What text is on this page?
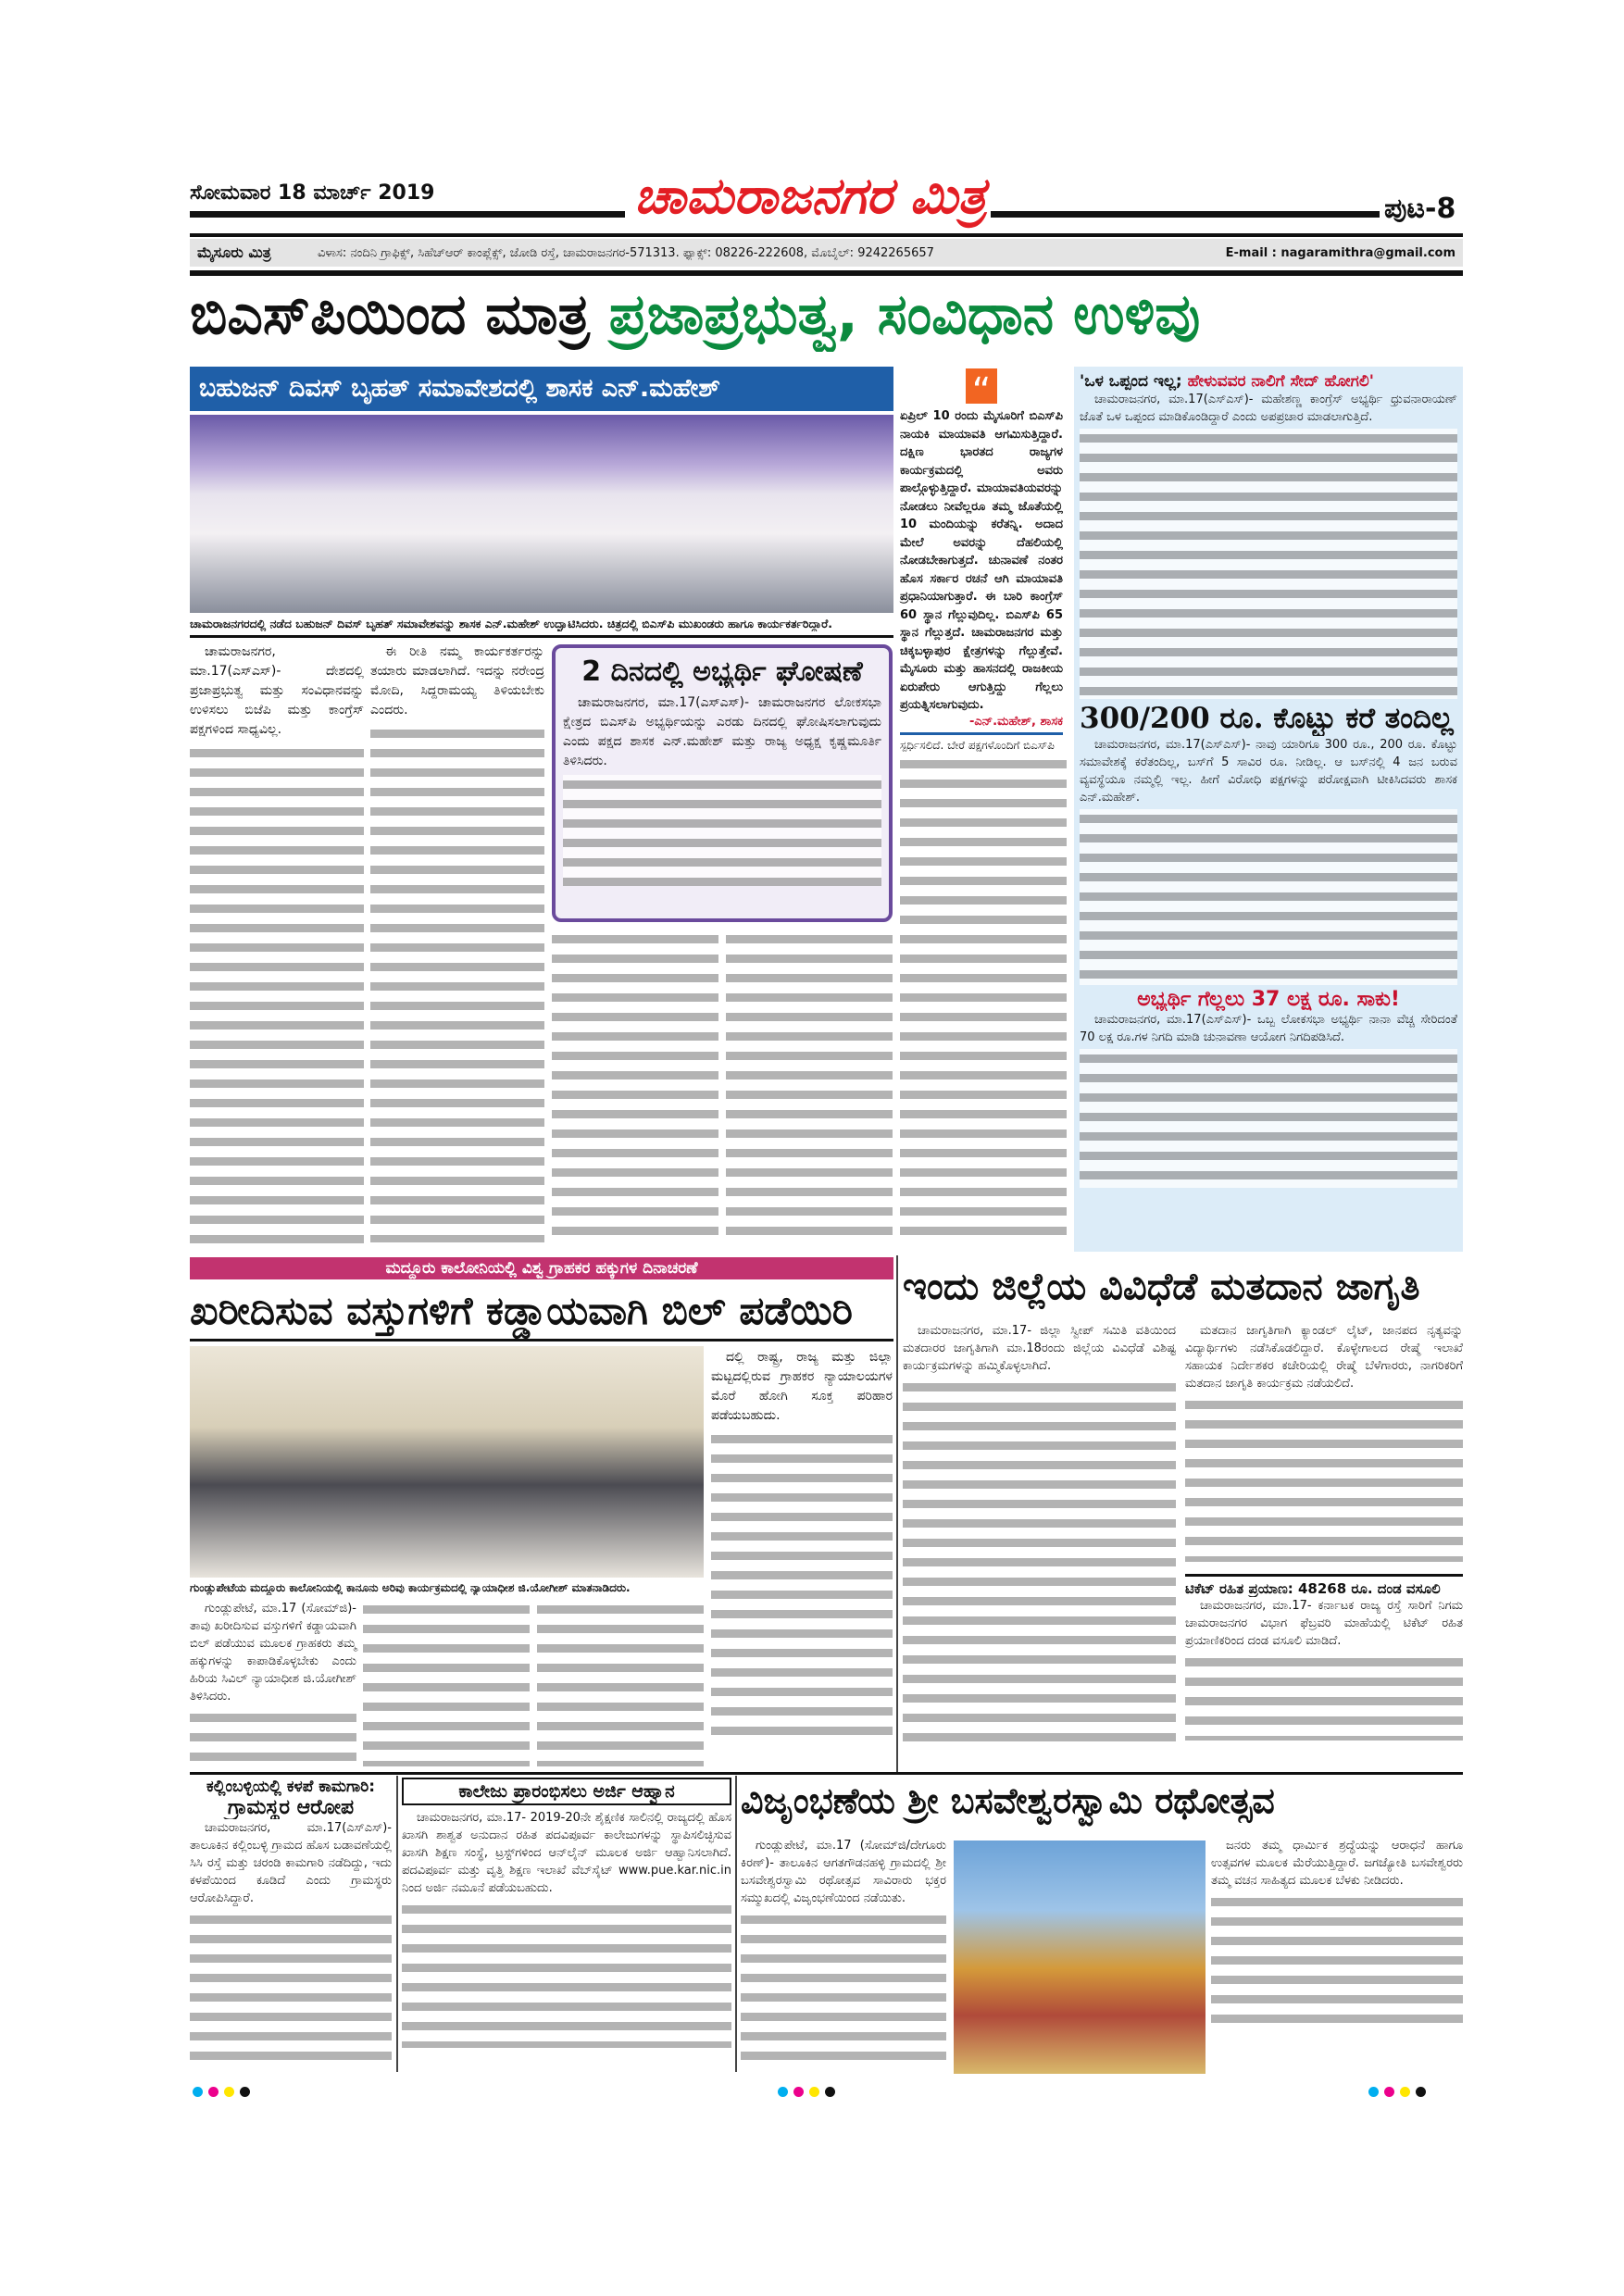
ಸೋಮವಾರ 18 ಮಾರ್ಚ್ 2019	ಚಾಮರಾಜನಗರ ಮಿತ್ರ	ಪುಟ-8
ಮೈಸೂರು ಮಿತ್ರ	ವಿಳಾಸ: ನಂದಿನಿ ಗ್ರಾಫಿಕ್ಸ್, ಸಿಹೆಚ್‌ಆರ್ ಕಾಂಪ್ಲೆಕ್ಸ್, ಜೋಡಿ ರಸ್ತೆ, ಚಾಮರಾಜನಗರ-571313. ಫ್ಯಾಕ್ಸ್: 08226-222608, ಮೊಬೈಲ್: 9242265657	E-mail : nagaramithra@gmail.com
ಬಿಎಸ್‌ಪಿಯಿಂದ ಮಾತ್ರ ಪ್ರಜಾಪ್ರಭುತ್ವ, ಸಂವಿಧಾನ ಉಳಿವು
ಬಹುಜನ್ ದಿವಸ್ ಬೃಹತ್ ಸಮಾವೇಶದಲ್ಲಿ ಶಾಸಕ ಎನ್.ಮಹೇಶ್
ಚಾಮರಾಜನಗರದಲ್ಲಿ ನಡೆದ ಬಹುಜನ್ ದಿವಸ್ ಬೃಹತ್ ಸಮಾವೇಶವನ್ನು ಶಾಸಕ ಎನ್.ಮಹೇಶ್ ಉದ್ಘಾಟಿಸಿದರು. ಚಿತ್ರದಲ್ಲಿ ಬಿಎಸ್‌ಪಿ ಮುಖಂಡರು ಹಾಗೂ ಕಾರ್ಯಕರ್ತರಿದ್ದಾರೆ.

ಚಾಮರಾಜನಗರ, ಮಾ.17(ಎಸ್‌ಎಸ್)- ದೇಶದಲ್ಲಿ ಪ್ರಜಾಪ್ರಭುತ್ವ ಮತ್ತು ಸಂವಿಧಾನವನ್ನು ಉಳಿಸಲು ಬಿಜೆಪಿ ಮತ್ತು ಕಾಂಗ್ರೆಸ್ ಪಕ್ಷಗಳಿಂದ ಸಾಧ್ಯವಿಲ್ಲ.

ಈ ರೀತಿ ನಮ್ಮ ಕಾರ್ಯಕರ್ತರನ್ನು ತಯಾರು ಮಾಡಲಾಗಿದೆ. ಇದನ್ನು ನರೇಂದ್ರ ಮೋದಿ, ಸಿದ್ದರಾಮಯ್ಯ ತಿಳಿಯಬೇಕು ಎಂದರು.

2 ದಿನದಲ್ಲಿ ಅಭ್ಯರ್ಥಿ ಘೋಷಣೆ

ಚಾಮರಾಜನಗರ, ಮಾ.17(ಎಸ್‌ಎಸ್)- ಚಾಮರಾಜನಗರ ಲೋಕಸಭಾ ಕ್ಷೇತ್ರದ ಬಿಎಸ್‌ಪಿ ಅಭ್ಯರ್ಥಿಯನ್ನು ಎರಡು ದಿನದಲ್ಲಿ ಘೋಷಿಸಲಾಗುವುದು ಎಂದು ಪಕ್ಷದ ಶಾಸಕ ಎನ್.ಮಹೇಶ್ ಮತ್ತು ರಾಜ್ಯ ಅಧ್ಯಕ್ಷ ಕೃಷ್ಣಮೂರ್ತಿ ತಿಳಿಸಿದರು.

“

ಏಪ್ರಿಲ್ 10 ರಂದು ಮೈಸೂರಿಗೆ ಬಿಎಸ್‌ಪಿ ನಾಯಕಿ ಮಾಯಾವತಿ ಆಗಮಿಸುತ್ತಿದ್ದಾರೆ. ದಕ್ಷಿಣ ಭಾರತದ ರಾಜ್ಯಗಳ ಕಾರ್ಯಕ್ರಮದಲ್ಲಿ ಅವರು ಪಾಲ್ಗೊಳ್ಳುತ್ತಿದ್ದಾರೆ. ಮಾಯಾವತಿಯವರನ್ನು ನೋಡಲು ನೀವೆಲ್ಲರೂ ತಮ್ಮ ಜೊತೆಯಲ್ಲಿ 10 ಮಂದಿಯನ್ನು ಕರೆತನ್ನಿ. ಅದಾದ ಮೇಲೆ ಅವರನ್ನು ದೆಹಲಿಯಲ್ಲಿ ನೋಡಬೇಕಾಗುತ್ತದೆ. ಚುನಾವಣೆ ನಂತರ ಹೊಸ ಸರ್ಕಾರ ರಚನೆ ಆಗಿ ಮಾಯಾವತಿ ಪ್ರಧಾನಿಯಾಗುತ್ತಾರೆ. ಈ ಬಾರಿ ಕಾಂಗ್ರೆಸ್ 60 ಸ್ಥಾನ ಗೆಲ್ಲುವುದಿಲ್ಲ. ಬಿಎಸ್‌ಪಿ 65 ಸ್ಥಾನ ಗೆಲ್ಲುತ್ತದೆ. ಚಾಮರಾಜನಗರ ಮತ್ತು ಚಿಕ್ಕಬಳ್ಳಾಪುರ ಕ್ಷೇತ್ರಗಳನ್ನು ಗೆಲ್ಲುತ್ತೇವೆ. ಮೈಸೂರು ಮತ್ತು ಹಾಸನದಲ್ಲಿ ರಾಜಕೀಯ ಏರುಪೇರು ಆಗುತ್ತಿದ್ದು ಗೆಲ್ಲಲು ಪ್ರಯತ್ನಿಸಲಾಗುವುದು.

-ಎನ್.ಮಹೇಶ್, ಶಾಸಕ

ಸ್ಪರ್ಧಿಸಲಿದೆ. ಬೇರೆ ಪಕ್ಷಗಳೊಂದಿಗೆ ಬಿಎಸ್‌ಪಿ

'ಒಳ ಒಪ್ಪಂದ ಇಲ್ಲ; ಹೇಳುವವರ ನಾಲಿಗೆ ಸೇದ್ ಹೋಗಲಿ'

ಚಾಮರಾಜನಗರ, ಮಾ.17(ಎಸ್‌ಎಸ್)- ಮಹೇಶಣ್ಣ ಕಾಂಗ್ರೆಸ್ ಅಭ್ಯರ್ಥಿ ಧ್ರುವನಾರಾಯಣ್ ಜೊತೆ ಒಳ ಒಪ್ಪಂದ ಮಾಡಿಕೊಂಡಿದ್ದಾರೆ ಎಂದು ಅಪಪ್ರಚಾರ ಮಾಡಲಾಗುತ್ತಿದೆ.

300/200 ರೂ. ಕೊಟ್ಟು ಕರೆ ತಂದಿಲ್ಲ

ಚಾಮರಾಜನಗರ, ಮಾ.17(ಎಸ್‌ಎಸ್)- ನಾವು ಯಾರಿಗೂ 300 ರೂ., 200 ರೂ. ಕೊಟ್ಟು ಸಮಾವೇಶಕ್ಕೆ ಕರೆತಂದಿಲ್ಲ, ಬಸ್‌ಗೆ 5 ಸಾವಿರ ರೂ. ನೀಡಿಲ್ಲ. ಆ ಬಸ್‌ನಲ್ಲಿ 4 ಜನ ಬರುವ ವ್ಯವಸ್ಥೆಯೂ ನಮ್ಮಲ್ಲಿ ಇಲ್ಲ. ಹೀಗೆ ವಿರೋಧಿ ಪಕ್ಷಗಳನ್ನು ಪರೋಕ್ಷವಾಗಿ ಟೀಕಿಸಿದವರು ಶಾಸಕ ಎನ್.ಮಹೇಶ್.

ಅಭ್ಯರ್ಥಿ ಗೆಲ್ಲಲು 37 ಲಕ್ಷ ರೂ. ಸಾಕು!

ಚಾಮರಾಜನಗರ, ಮಾ.17(ಎಸ್‌ಎಸ್)- ಒಬ್ಬ ಲೋಕಸಭಾ ಅಭ್ಯರ್ಥಿ ನಾನಾ ವೆಚ್ಚ ಸೇರಿದಂತೆ 70 ಲಕ್ಷ ರೂ.ಗಳ ನಿಗದಿ ಮಾಡಿ ಚುನಾವಣಾ ಆಯೋಗ ನಿಗದಿಪಡಿಸಿದೆ.

ಮದ್ದೂರು ಕಾಲೋನಿಯಲ್ಲಿ ವಿಶ್ವ ಗ್ರಾಹಕರ ಹಕ್ಕುಗಳ ದಿನಾಚರಣೆ
ಖರೀದಿಸುವ ವಸ್ತುಗಳಿಗೆ ಕಡ್ಡಾಯವಾಗಿ ಬಿಲ್ ಪಡೆಯಿರಿ
ಗುಂಡ್ಲುಪೇಟೆಯ ಮದ್ದೂರು ಕಾಲೋನಿಯಲ್ಲಿ ಕಾನೂನು ಅರಿವು ಕಾರ್ಯಕ್ರಮದಲ್ಲಿ ನ್ಯಾಯಾಧೀಶ ಜಿ.ಯೋಗೀಶ್ ಮಾತನಾಡಿದರು.

ದಲ್ಲಿ ರಾಷ್ಟ್ರ, ರಾಜ್ಯ ಮತ್ತು ಜಿಲ್ಲಾ ಮಟ್ಟದಲ್ಲಿರುವ ಗ್ರಾಹಕರ ನ್ಯಾಯಾಲಯಗಳ ಮೊರೆ ಹೋಗಿ ಸೂಕ್ತ ಪರಿಹಾರ ಪಡೆಯಬಹುದು.

ಗುಂಡ್ಲುಪೇಟೆ, ಮಾ.17 (ಸೋಮ್‌ಜಿ)- ತಾವು ಖರೀದಿಸುವ ವಸ್ತುಗಳಿಗೆ ಕಡ್ಡಾಯವಾಗಿ ಬಿಲ್ ಪಡೆಯುವ ಮೂಲಕ ಗ್ರಾಹಕರು ತಮ್ಮ ಹಕ್ಕುಗಳನ್ನು ಕಾಪಾಡಿಕೊಳ್ಳಬೇಕು ಎಂದು ಹಿರಿಯ ಸಿವಿಲ್ ನ್ಯಾಯಾಧೀಶ ಜಿ.ಯೋಗೀಶ್ ತಿಳಿಸಿದರು.

ಇಂದು ಜಿಲ್ಲೆಯ ವಿವಿಧೆಡೆ ಮತದಾನ ಜಾಗೃತಿ

ಚಾಮರಾಜನಗರ, ಮಾ.17- ಜಿಲ್ಲಾ ಸ್ವೀಪ್ ಸಮಿತಿ ವತಿಯಿಂದ ಮತದಾರರ ಜಾಗೃತಿಗಾಗಿ ಮಾ.18ರಂದು ಜಿಲ್ಲೆಯ ವಿವಿಧೆಡೆ ವಿಶಿಷ್ಟ ಕಾರ್ಯಕ್ರಮಗಳನ್ನು ಹಮ್ಮಿಕೊಳ್ಳಲಾಗಿದೆ.

ಮತದಾನ ಜಾಗೃತಿಗಾಗಿ ಕ್ಯಾಂಡಲ್ ಲೈಟ್, ಜಾನಪದ ನೃತ್ಯವನ್ನು ವಿದ್ಯಾರ್ಥಿಗಳು ನಡೆಸಿಕೊಡಲಿದ್ದಾರೆ. ಕೊಳ್ಳೇಗಾಲದ ರೇಷ್ಮೆ ಇಲಾಖೆ ಸಹಾಯಕ ನಿರ್ದೇಶಕರ ಕಚೇರಿಯಲ್ಲಿ ರೇಷ್ಮೆ ಬೆಳೆಗಾರರು, ನಾಗರಿಕರಿಗೆ ಮತದಾನ ಜಾಗೃತಿ ಕಾರ್ಯಕ್ರಮ ನಡೆಯಲಿದೆ.

ಟಿಕೆಟ್ ರಹಿತ ಪ್ರಯಾಣ: 48268 ರೂ. ದಂಡ ವಸೂಲಿ

ಚಾಮರಾಜನಗರ, ಮಾ.17- ಕರ್ನಾಟಕ ರಾಜ್ಯ ರಸ್ತೆ ಸಾರಿಗೆ ನಿಗಮ ಚಾಮರಾಜನಗರ ವಿಭಾಗ ಫೆಬ್ರವರಿ ಮಾಹೆಯಲ್ಲಿ ಟಿಕೆಟ್ ರಹಿತ ಪ್ರಯಾಣಿಕರಿಂದ ದಂಡ ವಸೂಲಿ ಮಾಡಿದೆ.

ಕಲ್ಲಿಂಬಳ್ಳಿಯಲ್ಲಿ ಕಳಪೆ ಕಾಮಗಾರಿ:
ಗ್ರಾಮಸ್ಥರ ಆರೋಪ

ಚಾಮರಾಜನಗರ, ಮಾ.17(ಎಸ್‌ಎಸ್)- ತಾಲೂಕಿನ ಕಲ್ಲಿಂಬಳ್ಳಿ ಗ್ರಾಮದ ಹೊಸ ಬಡಾವಣೆಯಲ್ಲಿ ಸಿಸಿ ರಸ್ತೆ ಮತ್ತು ಚರಂಡಿ ಕಾಮಗಾರಿ ನಡೆದಿದ್ದು, ಇದು ಕಳಪೆಯಿಂದ ಕೂಡಿದೆ ಎಂದು ಗ್ರಾಮಸ್ಥರು ಆರೋಪಿಸಿದ್ದಾರೆ.

ಕಾಲೇಜು ಪ್ರಾರಂಭಿಸಲು ಅರ್ಜಿ ಆಹ್ವಾನ

ಚಾಮರಾಜನಗರ, ಮಾ.17- 2019-20ನೇ ಶೈಕ್ಷಣಿಕ ಸಾಲಿನಲ್ಲಿ ರಾಜ್ಯದಲ್ಲಿ ಹೊಸ ಖಾಸಗಿ ಶಾಶ್ವತ ಅನುದಾನ ರಹಿತ ಪದವಿಪೂರ್ವ ಕಾಲೇಜುಗಳನ್ನು ಸ್ಥಾಪಿಸಲಿಚ್ಛಿಸುವ ಖಾಸಗಿ ಶಿಕ್ಷಣ ಸಂಸ್ಥೆ, ಟ್ರಸ್ಟ್‌ಗಳಿಂದ ಆನ್‌ಲೈನ್ ಮೂಲಕ ಅರ್ಜಿ ಆಹ್ವಾನಿಸಲಾಗಿದೆ. ಪದವಿಪೂರ್ವ ಮತ್ತು ವೃತ್ತಿ ಶಿಕ್ಷಣ ಇಲಾಖೆ ವೆಬ್‌ಸೈಟ್ www.pue.kar.nic.in ನಿಂದ ಅರ್ಜಿ ನಮೂನೆ ಪಡೆಯಬಹುದು.

ವಿಜೃಂಭಣೆಯ ಶ್ರೀ ಬಸವೇಶ್ವರಸ್ವಾಮಿ ರಥೋತ್ಸವ

ಗುಂಡ್ಲುಪೇಟೆ, ಮಾ.17 (ಸೋಮ್‌ಜಿ/ದೇಗೂರು ಕಿರಣ್)- ತಾಲೂಕಿನ ಆಗತಗೌಡನಹಳ್ಳಿ ಗ್ರಾಮದಲ್ಲಿ ಶ್ರೀ ಬಸವೇಶ್ವರಸ್ವಾಮಿ ರಥೋತ್ಸವ ಸಾವಿರಾರು ಭಕ್ತರ ಸಮ್ಮುಖದಲ್ಲಿ ವಿಜೃಂಭಣೆಯಿಂದ ನಡೆಯಿತು.

ಜನರು ತಮ್ಮ ಧಾರ್ಮಿಕ ಶ್ರದ್ಧೆಯನ್ನು ಆರಾಧನೆ ಹಾಗೂ ಉತ್ಸವಗಳ ಮೂಲಕ ಮೆರೆಯುತ್ತಿದ್ದಾರೆ. ಜಗಜ್ಯೋತಿ ಬಸವೇಶ್ವರರು ತಮ್ಮ ವಚನ ಸಾಹಿತ್ಯದ ಮೂಲಕ ಬೆಳಕು ನೀಡಿದರು.
